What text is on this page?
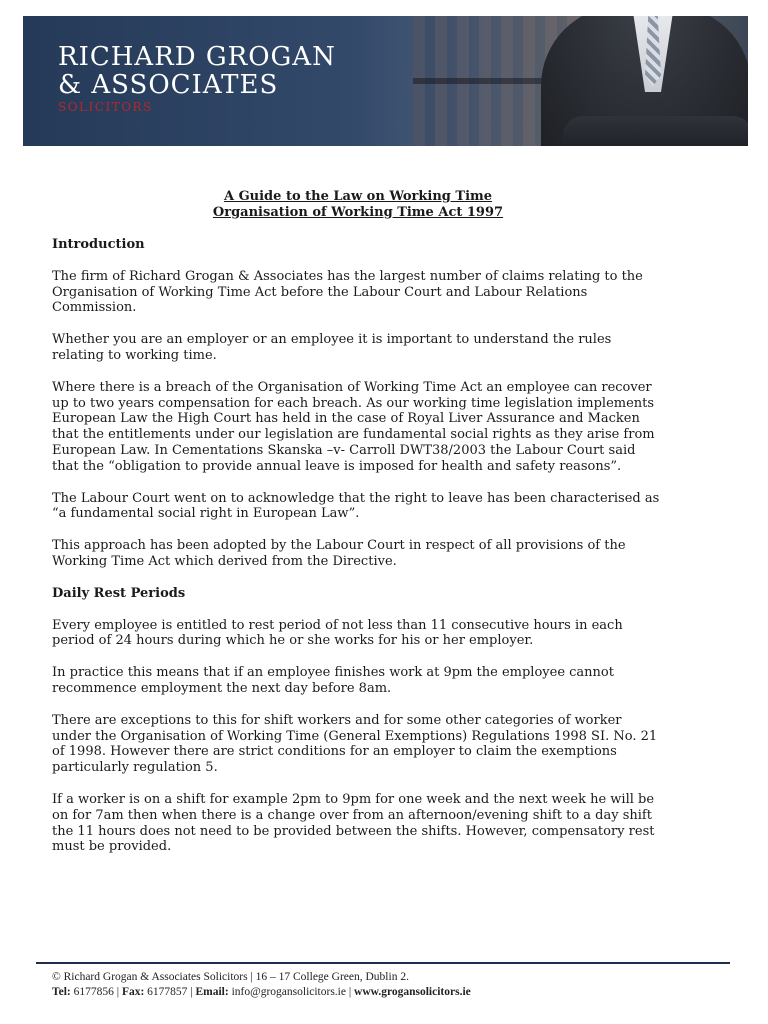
RICHARD GROGAN
& ASSOCIATES
SOLICITORS
A Guide to the Law on Working Time
Organisation of Working Time Act 1997
Introduction

The firm of Richard Grogan & Associates has the largest number of claims relating to the Organisation of Working Time Act before the Labour Court and Labour Relations Commission.

Whether you are an employer or an employee it is important to understand the rules relating to working time.

Where there is a breach of the Organisation of Working Time Act an employee can recover up to two years compensation for each breach. As our working time legislation implements European Law the High Court has held in the case of Royal Liver Assurance and Macken that the entitlements under our legislation are fundamental social rights as they arise from European Law. In Cementations Skanska –v- Carroll DWT38/2003 the Labour Court said that the “obligation to provide annual leave is imposed for health and safety reasons”.

The Labour Court went on to acknowledge that the right to leave has been characterised as “a fundamental social right in European Law”.

This approach has been adopted by the Labour Court in respect of all provisions of the Working Time Act which derived from the Directive.

Daily Rest Periods

Every employee is entitled to rest period of not less than 11 consecutive hours in each period of 24 hours during which he or she works for his or her employer.

In practice this means that if an employee finishes work at 9pm the employee cannot recommence employment the next day before 8am.

There are exceptions to this for shift workers and for some other categories of worker under the Organisation of Working Time (General Exemptions) Regulations 1998 SI. No. 21 of 1998. However there are strict conditions for an employer to claim the exemptions particularly regulation 5.

If a worker is on a shift for example 2pm to 9pm for one week and the next week he will be on for 7am then when there is a change over from an afternoon/evening shift to a day shift the 11 hours does not need to be provided between the shifts. However, compensatory rest must be provided.

© Richard Grogan & Associates Solicitors | 16 – 17 College Green, Dublin 2.
Tel: 6177856 | Fax: 6177857 | Email: info@grogansolicitors.ie | www.grogansolicitors.ie
